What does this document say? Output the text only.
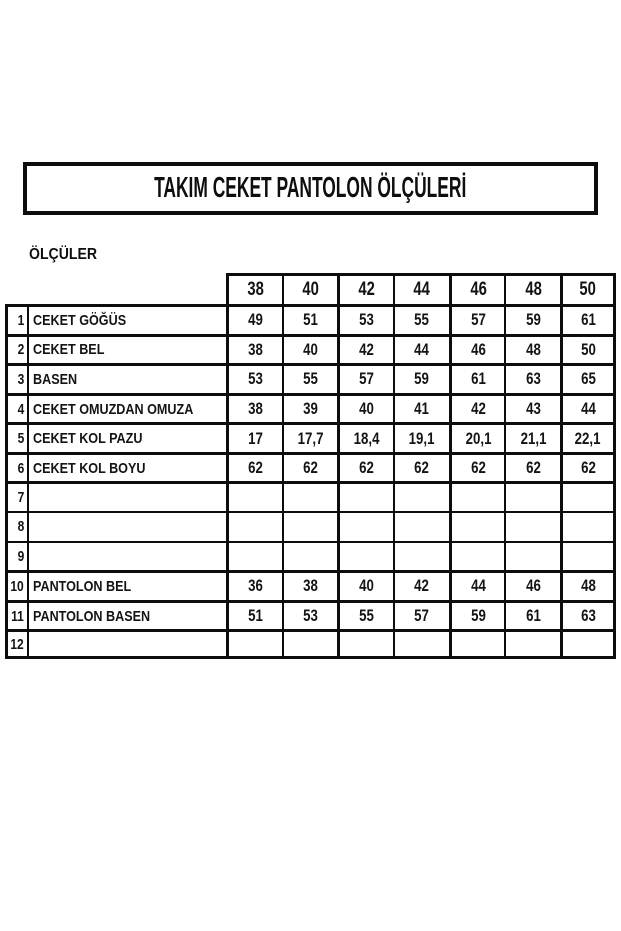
TAKIM CEKET PANTOLON ÖLÇÜLERİ
ÖLÇÜLER
38 40 42 44 46 48 50
1 CEKET GÖĞÜS	49 51 53 55 57 59 61
2 CEKET BEL	38 40 42 44 46 48 50
3 BASEN	53 55 57 59 61 63 65
4 CEKET OMUZDAN OMUZA	38 39 40 41 42 43 44
5 CEKET KOL PAZU	17 17,7 18,4 19,1 20,1 21,1 22,1
6 CEKET KOL BOYU	62 62 62 62 62 62 62
7
8
9
10 PANTOLON BEL	36 38 40 42 44 46 48
11 PANTOLON BASEN	51 53 55 57 59 61 63
12
